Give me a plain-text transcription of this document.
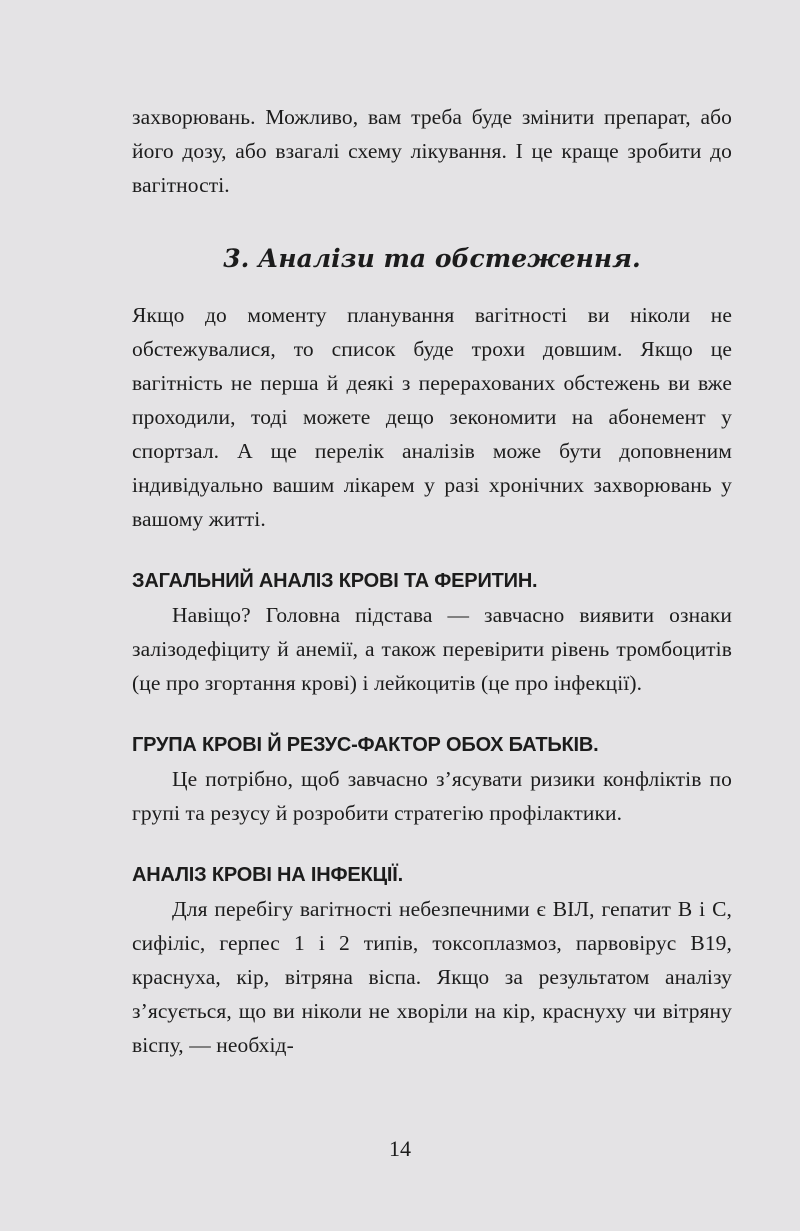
захворювань. Можливо, вам треба буде змінити препарат, або його дозу, або взагалі схему лікування. І це краще зробити до вагітності.

3. Аналізи та обстеження.

Якщо до моменту планування вагітності ви ніколи не обстежувалися, то список буде трохи довшим. Якщо це вагітність не перша й деякі з перерахованих обстежень ви вже проходили, тоді можете дещо зекономити на абонемент у спортзал. А ще перелік аналізів може бути доповненим індивідуально вашим лікарем у разі хронічних захворювань у вашому житті.

ЗАГАЛЬНИЙ АНАЛІЗ КРОВІ ТА ФЕРИТИН.

Навіщо? Головна підстава — завчасно виявити ознаки залізодефіциту й анемії, а також перевірити рівень тромбоцитів (це про згортання крові) і лейкоцитів (це про інфекції).

ГРУПА КРОВІ Й РЕЗУС-ФАКТОР ОБОХ БАТЬКІВ.

Це потрібно, щоб завчасно з’ясувати ризики конфліктів по групі та резусу й розробити стратегію профілактики.

АНАЛІЗ КРОВІ НА ІНФЕКЦІЇ.

Для перебігу вагітності небезпечними є ВІЛ, гепатит B і C, сифіліс, герпес 1 і 2 типів, токсоплазмоз, парвовірус B19, краснуха, кір, вітряна віспа. Якщо за результатом аналізу з’ясується, що ви ніколи не хворіли на кір, краснуху чи вітряну віспу, — необхід-

14
